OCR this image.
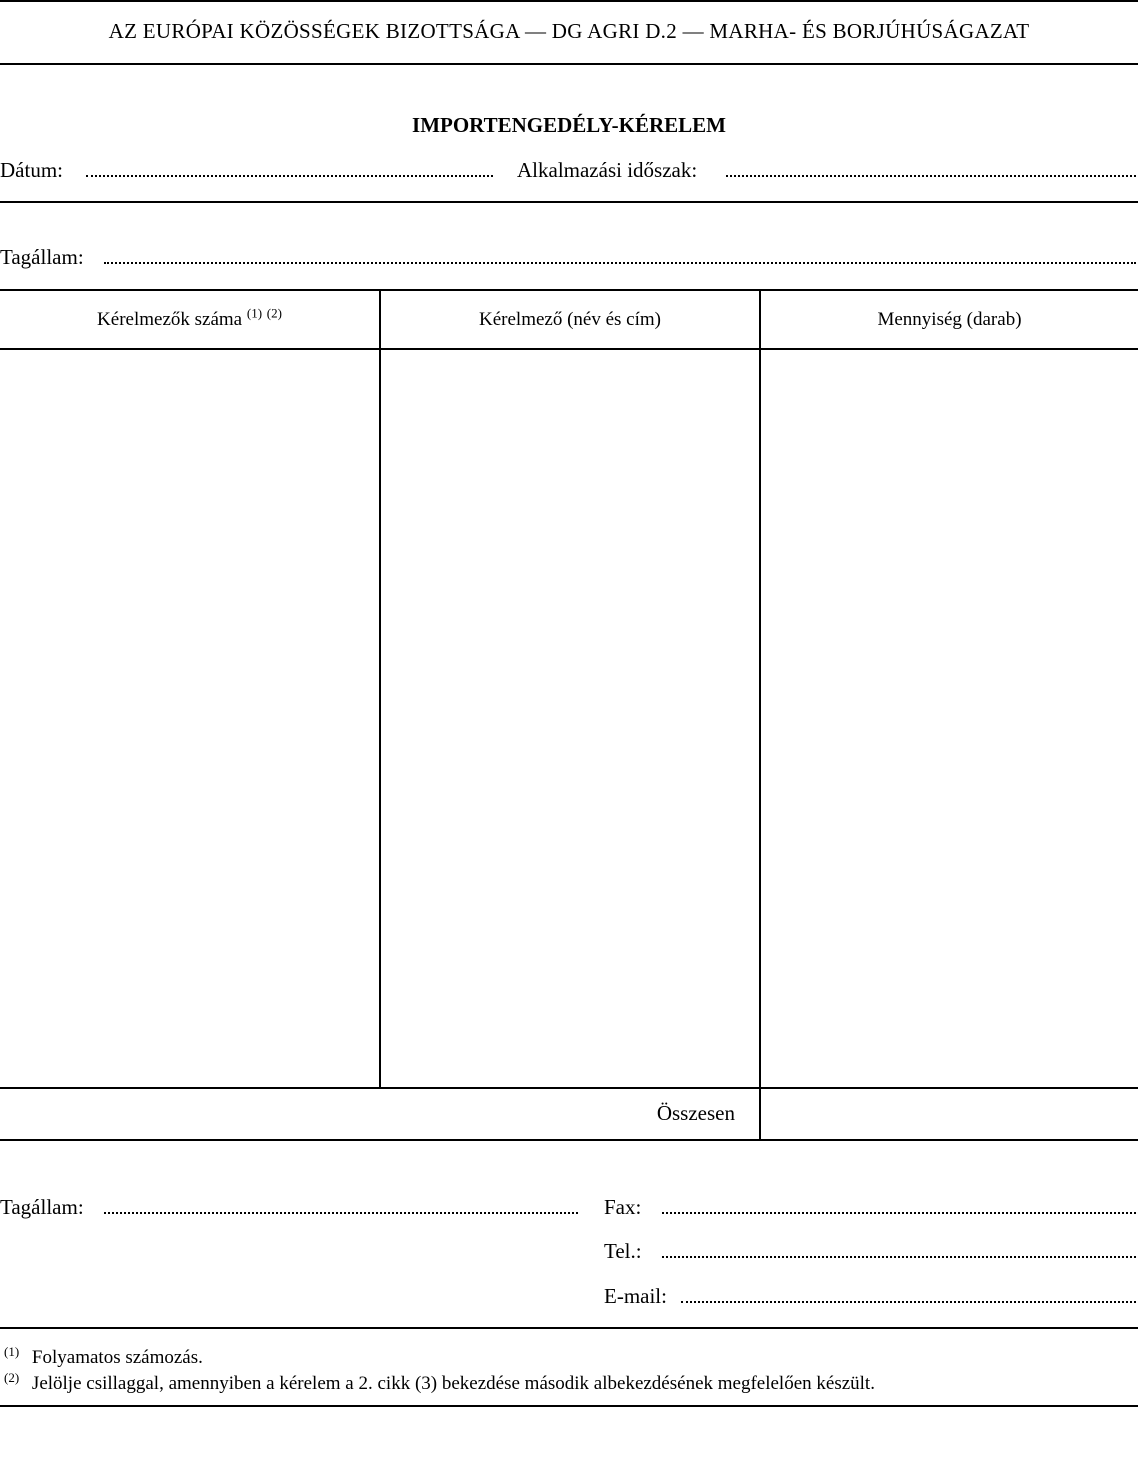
AZ EURÓPAI KÖZÖSSÉGEK BIZOTTSÁGA — DG AGRI D.2 — MARHA- ÉS BORJÚHÚSÁGAZAT
IMPORTENGEDÉLY-KÉRELEM
Dátum:	Alkalmazási időszak:
Tagállam:
Kérelmezők száma $^{(1)}$ $^{(2)}$	Kérelmező (név és cím)	Mennyiség (darab)
Összesen
Tagállam:	Fax:
Tel.:
E-mail:
$^{(1)}$ Folyamatos számozás.
$^{(2)}$ Jelölje csillaggal, amennyiben a kérelem a 2. cikk (3) bekezdése második albekezdésének megfelelően készült.
